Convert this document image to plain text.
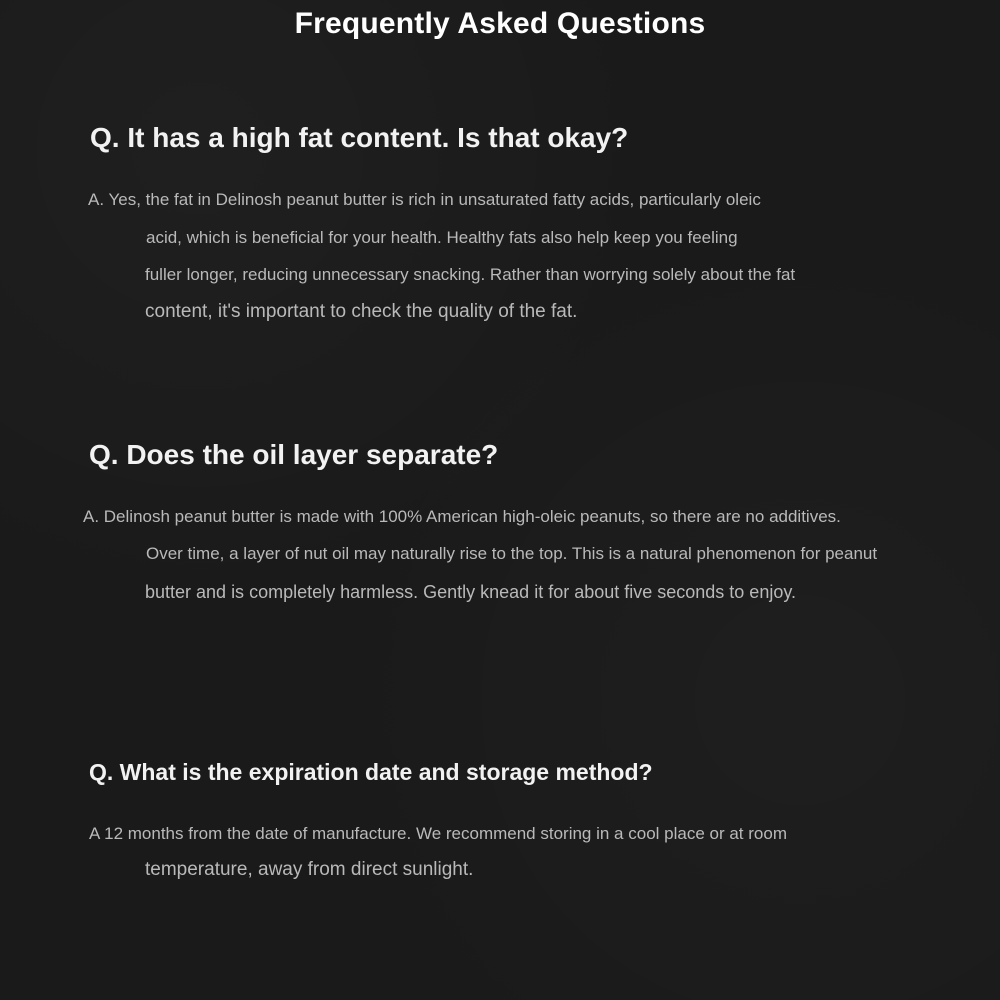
Frequently Asked Questions
Q. It has a high fat content. Is that okay?

A. Yes, the fat in Delinosh peanut butter is rich in unsaturated fatty acids, particularly oleic

acid, which is beneficial for your health. Healthy fats also help keep you feeling

fuller longer, reducing unnecessary snacking. Rather than worrying solely about the fat

content, it's important to check the quality of the fat.

Q. Does the oil layer separate?

A. Delinosh peanut butter is made with 100% American high-oleic peanuts, so there are no additives.

Over time, a layer of nut oil may naturally rise to the top. This is a natural phenomenon for peanut

butter and is completely harmless. Gently knead it for about five seconds to enjoy.

Q. What is the expiration date and storage method?

A 12 months from the date of manufacture. We recommend storing in a cool place or at room

temperature, away from direct sunlight.
